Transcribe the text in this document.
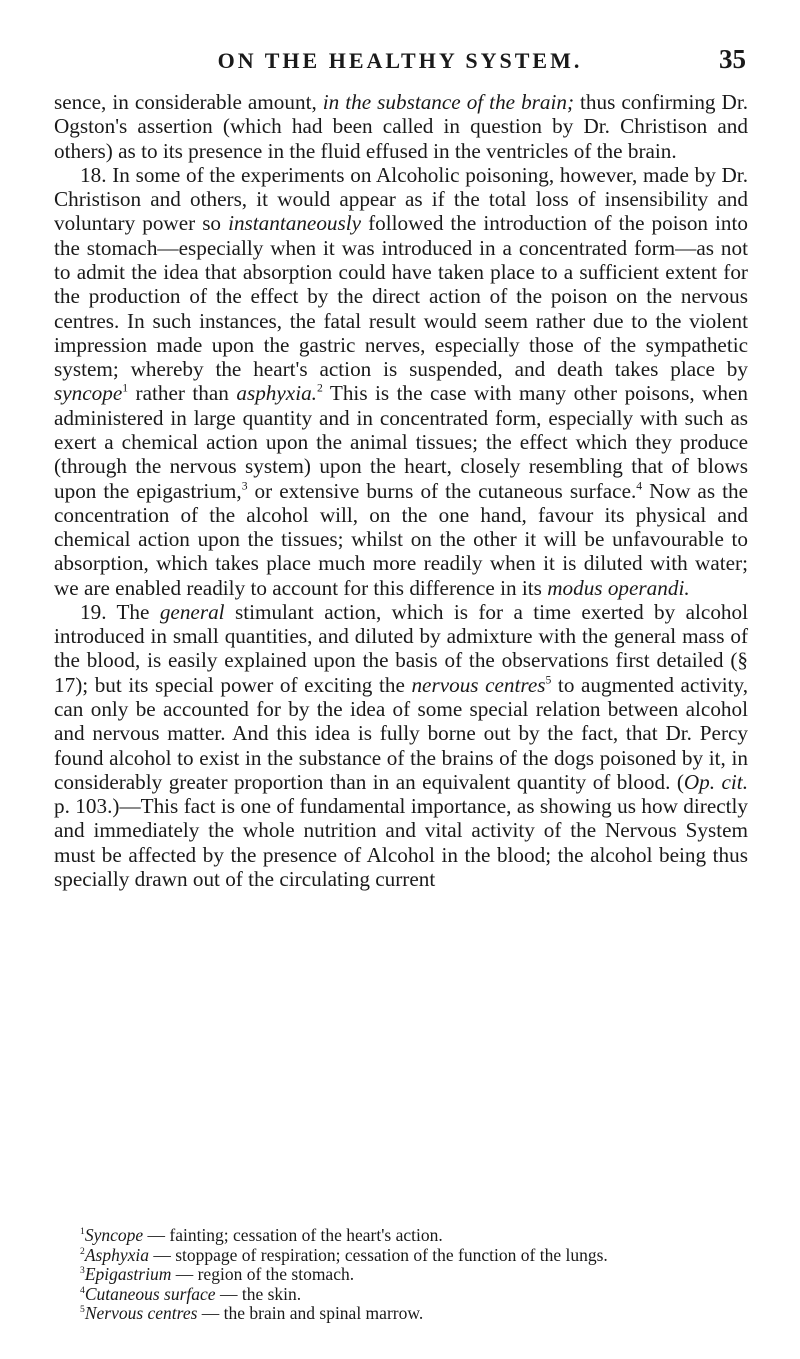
ON THE HEALTHY SYSTEM.	35

sence, in considerable amount, in the substance of the brain; thus confirming Dr. Ogston's assertion (which had been called in question by Dr. Christison and others) as to its presence in the fluid effused in the ventricles of the brain.

18. In some of the experiments on Alcoholic poisoning, however, made by Dr. Christison and others, it would appear as if the total loss of insensibility and voluntary power so instantaneously followed the introduction of the poison into the stomach—especially when it was introduced in a concentrated form—as not to admit the idea that absorption could have taken place to a sufficient extent for the production of the effect by the direct action of the poison on the nervous centres. In such instances, the fatal result would seem rather due to the violent impression made upon the gastric nerves, especially those of the sympathetic system; whereby the heart's action is suspended, and death takes place by syncope$^1$ rather than asphyxia.$^2$ This is the case with many other poisons, when administered in large quantity and in concentrated form, especially with such as exert a chemical action upon the animal tissues; the effect which they produce (through the nervous system) upon the heart, closely resembling that of blows upon the epigastrium,$^3$ or extensive burns of the cutaneous surface.$^4$ Now as the concentration of the alcohol will, on the one hand, favour its physical and chemical action upon the tissues; whilst on the other it will be unfavourable to absorption, which takes place much more readily when it is diluted with water; we are enabled readily to account for this difference in its modus operandi.

19. The general stimulant action, which is for a time exerted by alcohol introduced in small quantities, and diluted by admixture with the general mass of the blood, is easily explained upon the basis of the observations first detailed (§ 17); but its special power of exciting the nervous centres$^5$ to augmented activity, can only be accounted for by the idea of some special relation between alcohol and nervous matter. And this idea is fully borne out by the fact, that Dr. Percy found alcohol to exist in the substance of the brains of the dogs poisoned by it, in considerably greater proportion than in an equivalent quantity of blood. (Op. cit. p. 103.)—This fact is one of fundamental importance, as showing us how directly and immediately the whole nutrition and vital activity of the Nervous System must be affected by the presence of Alcohol in the blood; the alcohol being thus specially drawn out of the circulating current

$^1$Syncope — fainting; cessation of the heart's action.

$^2$Asphyxia — stoppage of respiration; cessation of the function of the lungs.

$^3$Epigastrium — region of the stomach.

$^4$Cutaneous surface — the skin.

$^5$Nervous centres — the brain and spinal marrow.
